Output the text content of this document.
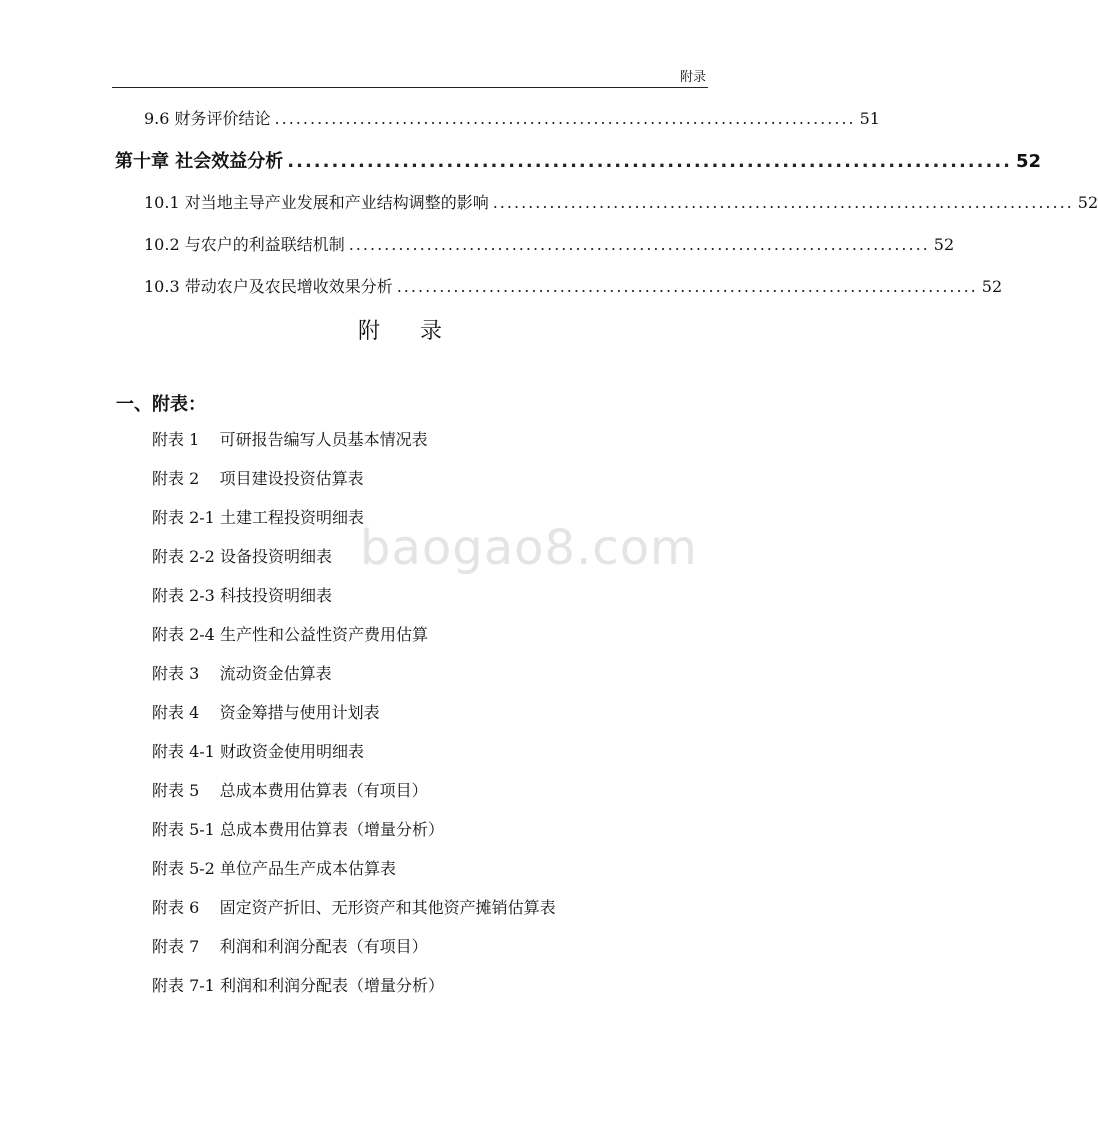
附录
9.6 财务评价结论 .................................................................................. 51
第十章 社会效益分析 .................................................................................. 52
10.1 对当地主导产业发展和产业结构调整的影响 .................................................................................. 52
10.2 与农户的利益联结机制 .................................................................................. 52
10.3 带动农户及农民增收效果分析 .................................................................................. 52
附录
一、附表：
附表 1    可研报告编写人员基本情况表
附表 2    项目建设投资估算表
附表 2-1 土建工程投资明细表
附表 2-2 设备投资明细表
附表 2-3 科技投资明细表
附表 2-4 生产性和公益性资产费用估算
附表 3    流动资金估算表
附表 4    资金筹措与使用计划表
附表 4-1 财政资金使用明细表
附表 5    总成本费用估算表（有项目）
附表 5-1 总成本费用估算表（增量分析）
附表 5-2 单位产品生产成本估算表
附表 6    固定资产折旧、无形资产和其他资产摊销估算表
附表 7    利润和利润分配表（有项目）
附表 7-1 利润和利润分配表（增量分析）
baogao8.com
